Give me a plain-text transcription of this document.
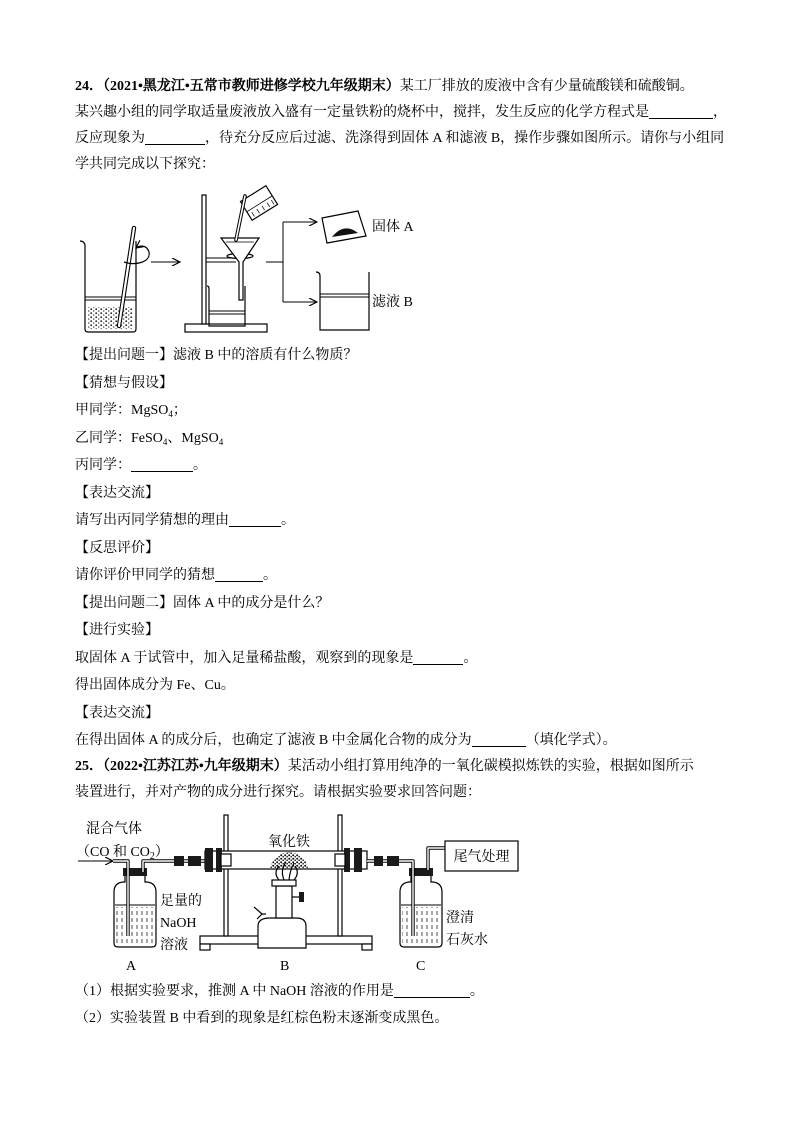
24．（2021•黑龙江•五常市教师进修学校九年级期末）某工厂排放的废液中含有少量硫酸镁和硫酸铜。
某兴趣小组的同学取适量废液放入盛有一定量铁粉的烧杯中，搅拌，发生反应的化学方程式是	，
反应现象为	，待充分反应后过滤、洗涤得到固体 A 和滤液 B，操作步骤如图所示。请你与小组同
学共同完成以下探究：
固体 A
滤液 B
【提出问题一】滤液 B 中的溶质有什么物质？
【猜想与假设】
甲同学：MgSO$_4$；
乙同学：FeSO$_4$、MgSO$_4$
丙同学：	。
【表达交流】
请写出丙同学猜想的理由	。
【反思评价】
请你评价甲同学的猜想	。
【提出问题二】固体 A 中的成分是什么？
【进行实验】
取固体 A 于试管中，加入足量稀盐酸，观察到的现象是	。
得出固体成分为 Fe、Cu。
【表达交流】
在得出固体 A 的成分后，也确定了滤液 B 中金属化合物的成分为	（填化学式）。
25．（2022•江苏江苏•九年级期末）某活动小组打算用纯净的一氧化碳模拟炼铁的实验，根据如图所示
装置进行，并对产物的成分进行探究。请根据实验要求回答问题：
混合气体
（CO 和 $CO_2$）
足量的
NaOH
溶液
氧化铁
尾气处理
澄清
石灰水
A	B	C
（1）根据实验要求，推测 A 中 NaOH 溶液的作用是	。
（2）实验装置 B 中看到的现象是红棕色粉末逐渐变成黑色。
